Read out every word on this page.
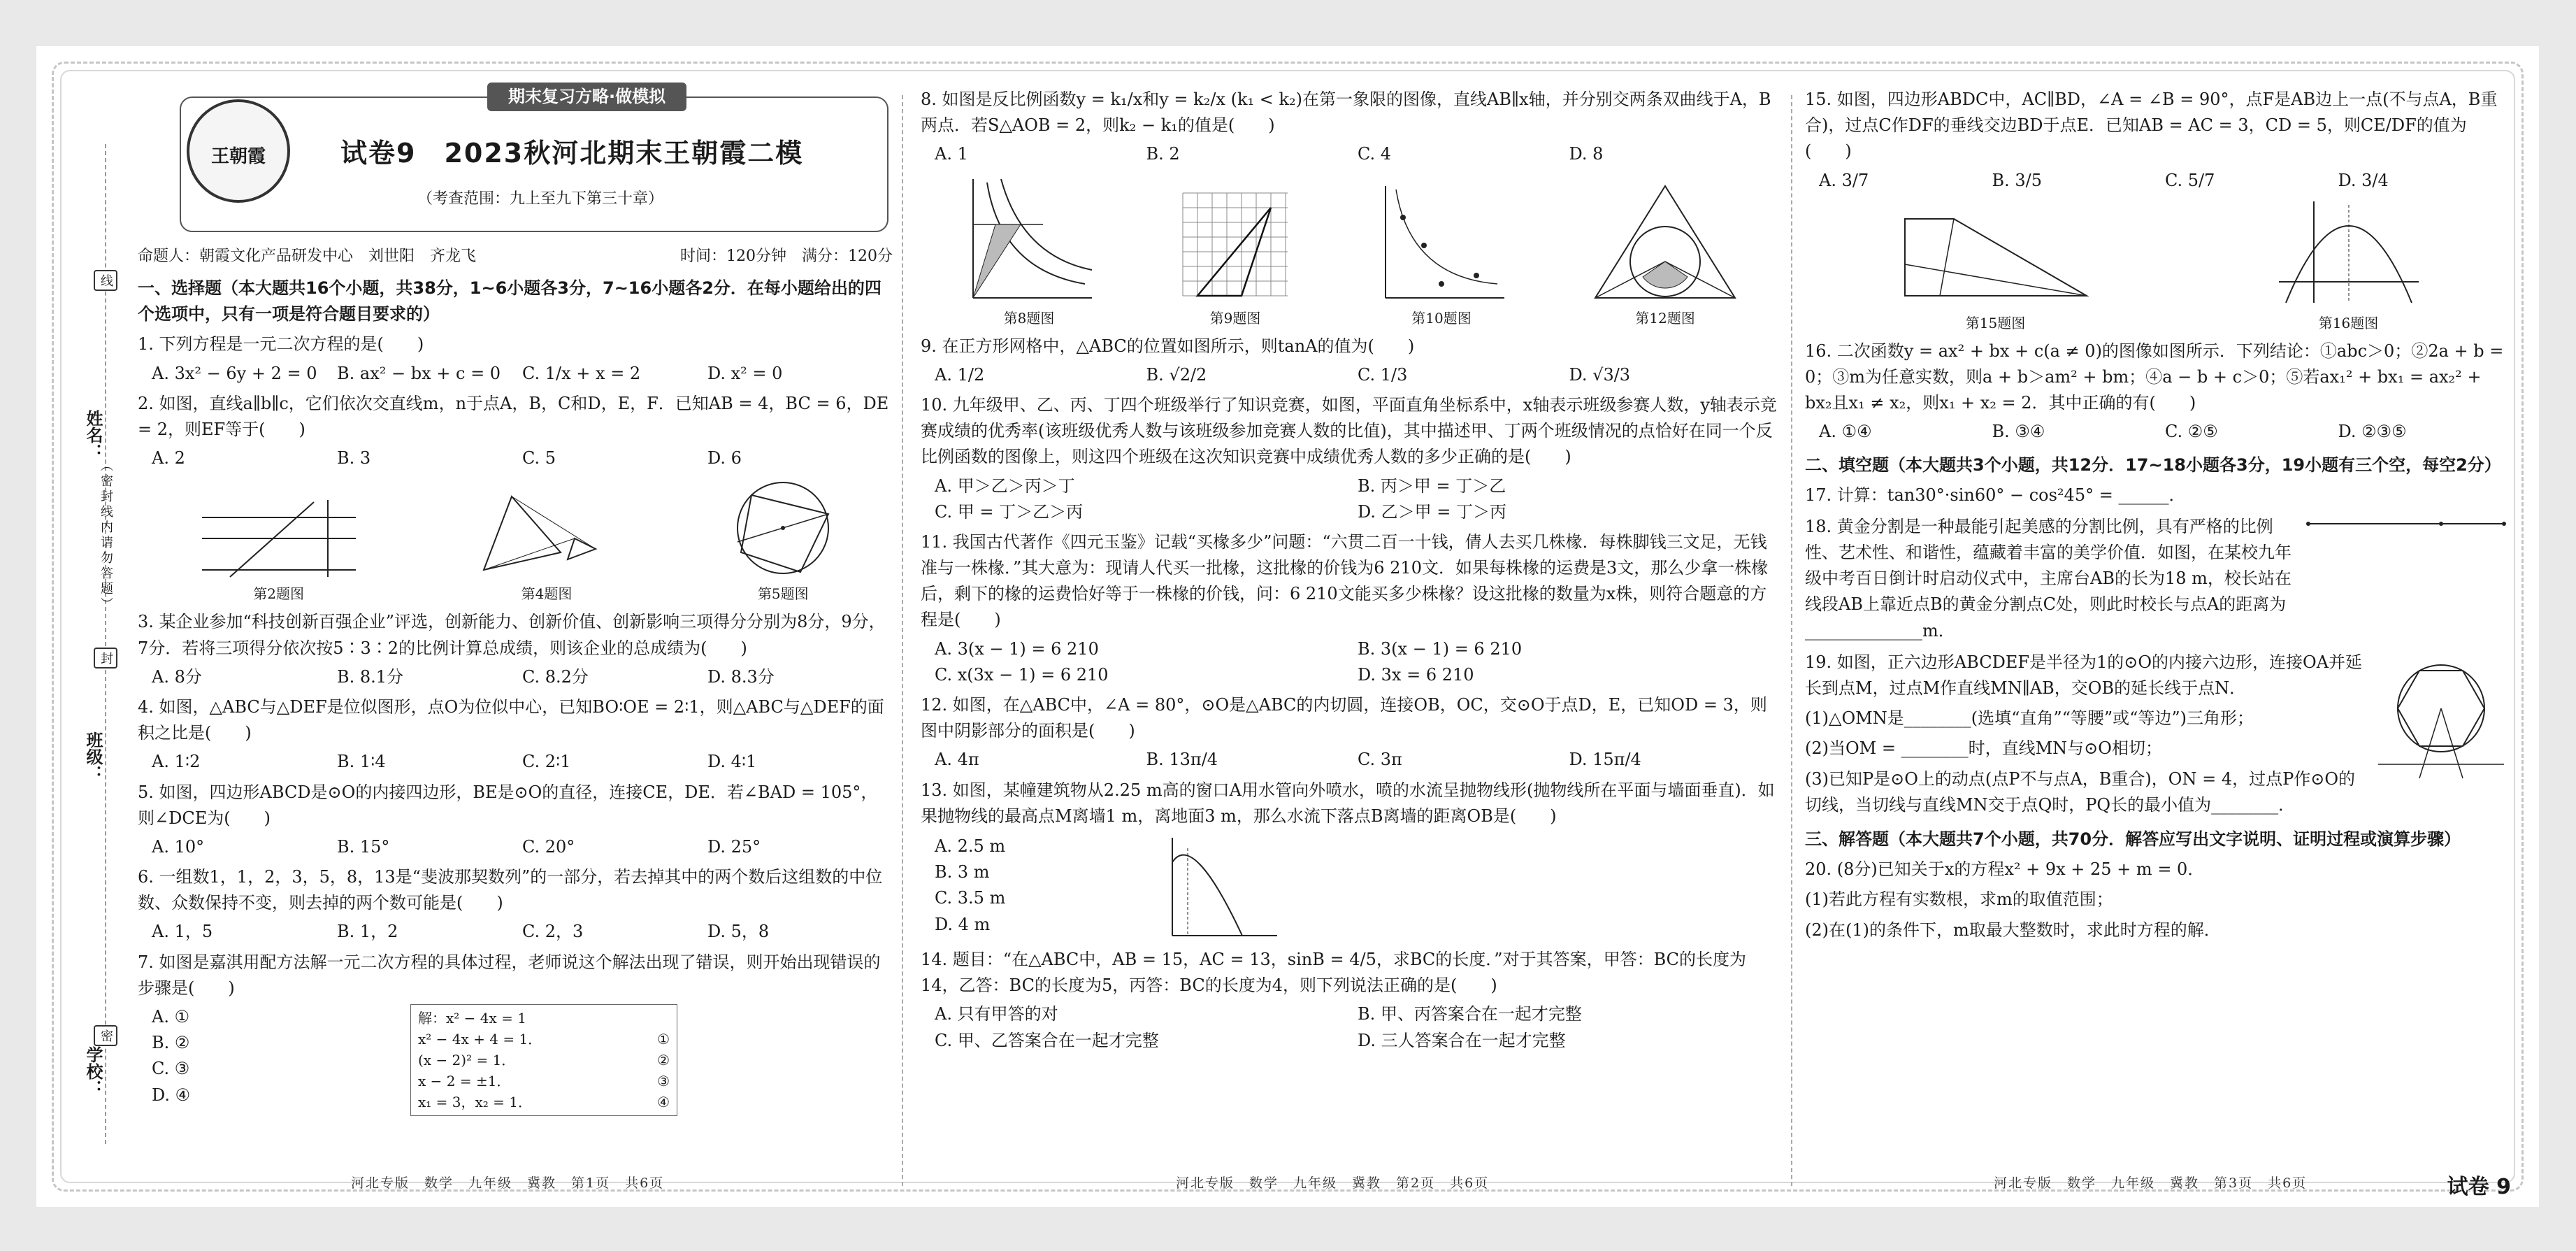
姓名：
班级：
学校：
线
封
密
（密封线内请勿答题）
期末复习方略·做模拟
王朝霞	试卷9　2023秋河北期末王朝霞二模
（考查范围：九上至九下第三十章）
命题人：朝霞文化产品研发中心　刘世阳　齐龙飞	时间：120分钟　满分：120分
一、选择题（本大题共16个小题，共38分，1~6小题各3分，7~16小题各2分．在每小题给出的四个选项中，只有一项是符合题目要求的）
1. 下列方程是一元二次方程的是(　　)
A. 3x² − 6y + 2 = 0	B. ax² − bx + c = 0	C. 1/x + x = 2	D. x² = 0
2. 如图，直线a∥b∥c，它们依次交直线m，n于点A，B，C和D，E，F．已知AB = 4，BC = 6，DE = 2，则EF等于(　　)
A. 2	B. 3	C. 5	D. 6
第2题图	第4题图	第5题图
3. 某企业参加“科技创新百强企业”评选，创新能力、创新价值、创新影响三项得分分别为8分，9分，7分．若将三项得分依次按5∶3∶2的比例计算总成绩，则该企业的总成绩为(　　)
A. 8分	B. 8.1分	C. 8.2分	D. 8.3分
4. 如图，△ABC与△DEF是位似图形，点O为位似中心，已知BO∶OE = 2∶1，则△ABC与△DEF的面积之比是(　　)
A. 1∶2	B. 1∶4	C. 2∶1	D. 4∶1
5. 如图，四边形ABCD是⊙O的内接四边形，BE是⊙O的直径，连接CE，DE．若∠BAD = 105°，则∠DCE为(　　)
A. 10°	B. 15°	C. 20°	D. 25°
6. 一组数1，1，2，3，5，8，13是“斐波那契数列”的一部分，若去掉其中的两个数后这组数的中位数、众数保持不变，则去掉的两个数可能是(　　)
A. 1，5	B. 1，2	C. 2，3	D. 5，8
7. 如图是嘉淇用配方法解一元二次方程的具体过程，老师说这个解法出现了错误，则开始出现错误的步骤是(　　)
A. ①
B. ②
C. ③
D. ④
解：x² − 4x = 1
x² − 4x + 4 = 1．	①
(x − 2)² = 1．	②
x − 2 = ±1．	③
x₁ = 3，x₂ = 1．	④
河北专版　数学　九年级　冀教　第1页　共6页
8. 如图是反比例函数y = k₁/x和y = k₂/x (k₁ < k₂)在第一象限的图像，直线AB∥x轴，并分别交两条双曲线于A，B两点．若S△AOB = 2，则k₂ − k₁的值是(　　)
A. 1	B. 2	C. 4	D. 8
第8题图	第9题图	第10题图	第12题图
9. 在正方形网格中，△ABC的位置如图所示，则tanA的值为(　　)
A. 1/2	B. √2/2	C. 1/3	D. √3/3
10. 九年级甲、乙、丙、丁四个班级举行了知识竞赛，如图，平面直角坐标系中，x轴表示班级参赛人数，y轴表示竞赛成绩的优秀率(该班级优秀人数与该班级参加竞赛人数的比值)，其中描述甲、丁两个班级情况的点恰好在同一个反比例函数的图像上，则这四个班级在这次知识竞赛中成绩优秀人数的多少正确的是(　　)
A. 甲＞乙＞丙＞丁	B. 丙＞甲 = 丁＞乙
C. 甲 = 丁＞乙＞丙	D. 乙＞甲 = 丁＞丙
11. 我国古代著作《四元玉鉴》记载“买椽多少”问题：“六贯二百一十钱，倩人去买几株椽．每株脚钱三文足，无钱准与一株椽．”其大意为：现请人代买一批椽，这批椽的价钱为6 210文．如果每株椽的运费是3文，那么少拿一株椽后，剩下的椽的运费恰好等于一株椽的价钱，问：6 210文能买多少株椽？设这批椽的数量为x株，则符合题意的方程是(　　)
A. 3(x − 1) = 6 210	B. 3(x − 1) = 6 210
C. x(3x − 1) = 6 210	D. 3x = 6 210
12. 如图，在△ABC中，∠A = 80°，⊙O是△ABC的内切圆，连接OB，OC，交⊙O于点D，E，已知OD = 3，则图中阴影部分的面积是(　　)
A. 4π	B. 13π/4	C. 3π	D. 15π/4
13. 如图，某幢建筑物从2.25 m高的窗口A用水管向外喷水，喷的水流呈抛物线形(抛物线所在平面与墙面垂直)．如果抛物线的最高点M离墙1 m，离地面3 m，那么水流下落点B离墙的距离OB是(　　)
A. 2.5 m
B. 3 m
C. 3.5 m
D. 4 m
14. 题目：“在△ABC中，AB = 15，AC = 13，sinB = 4/5，求BC的长度．”对于其答案，甲答：BC的长度为14，乙答：BC的长度为5，丙答：BC的长度为4，则下列说法正确的是(　　)
A. 只有甲答的对	B. 甲、丙答案合在一起才完整
C. 甲、乙答案合在一起才完整	D. 三人答案合在一起才完整
河北专版　数学　九年级　冀教　第2页　共6页
15. 如图，四边形ABDC中，AC∥BD，∠A = ∠B = 90°，点F是AB边上一点(不与点A，B重合)，过点C作DF的垂线交边BD于点E．已知AB = AC = 3，CD = 5，则CE/DF的值为(　　)
A. 3/7	B. 3/5	C. 5/7	D. 3/4
第15题图	第16题图
16. 二次函数y = ax² + bx + c(a ≠ 0)的图像如图所示．下列结论：①abc＞0；②2a + b = 0；③m为任意实数，则a + b＞am² + bm；④a − b + c＞0；⑤若ax₁² + bx₁ = ax₂² + bx₂且x₁ ≠ x₂，则x₁ + x₂ = 2．其中正确的有(　　)
A. ①④	B. ③④	C. ②⑤	D. ②③⑤
二、填空题（本大题共3个小题，共12分．17~18小题各3分，19小题有三个空，每空2分）
17. 计算：tan30°·sin60° − cos²45° = ______．
18. 黄金分割是一种最能引起美感的分割比例，具有严格的比例性、艺术性、和谐性，蕴藏着丰富的美学价值．如图，在某校九年级中考百日倒计时启动仪式中，主席台AB的长为18 m，校长站在线段AB上靠近点B的黄金分割点C处，则此时校长与点A的距离为______________m．
19. 如图，正六边形ABCDEF是半径为1的⊙O的内接六边形，连接OA并延长到点M，过点M作直线MN∥AB，交OB的延长线于点N．
(1)△OMN是________(选填“直角”“等腰”或“等边”)三角形；
(2)当OM = ________时，直线MN与⊙O相切；
(3)已知P是⊙O上的动点(点P不与点A，B重合)，ON = 4，过点P作⊙O的切线，当切线与直线MN交于点Q时，PQ长的最小值为________．
三、解答题（本大题共7个小题，共70分．解答应写出文字说明、证明过程或演算步骤）
20. (8分)已知关于x的方程x² + 9x + 25 + m = 0．
(1)若此方程有实数根，求m的取值范围；
(2)在(1)的条件下，m取最大整数时，求此时方程的解．
河北专版　数学　九年级　冀教　第3页　共6页	试卷 9
